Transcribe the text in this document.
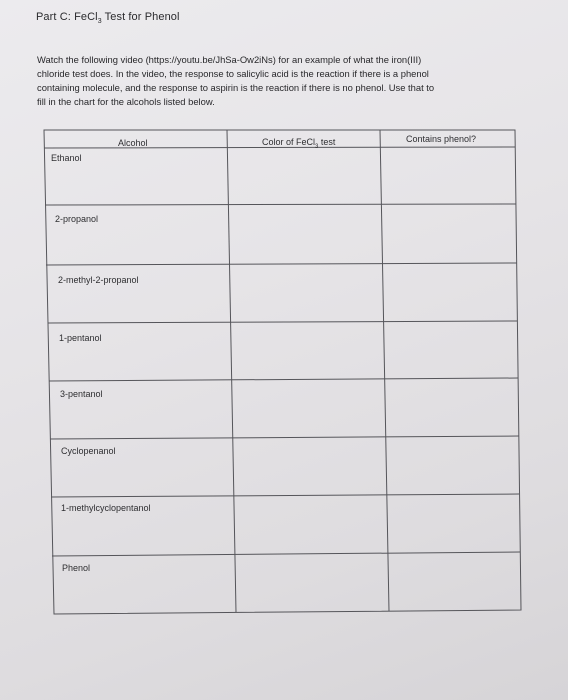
Part C: FeCl$_3$ Test for Phenol

Watch the following video (https://youtu.be/JhSa-Ow2iNs) for an example of what the iron(III)
chloride test does. In the video, the response to salicylic acid is the reaction if there is a phenol
containing molecule, and the response to aspirin is the reaction if there is no phenol. Use that to
fill in the chart for the alcohols listed below.

Alcohol	Color of FeCl$_3$ test	Contains phenol?
Ethanol
2-propanol
2-methyl-2-propanol
1-pentanol
3-pentanol
Cyclopenanol
1-methylcyclopentanol
Phenol
